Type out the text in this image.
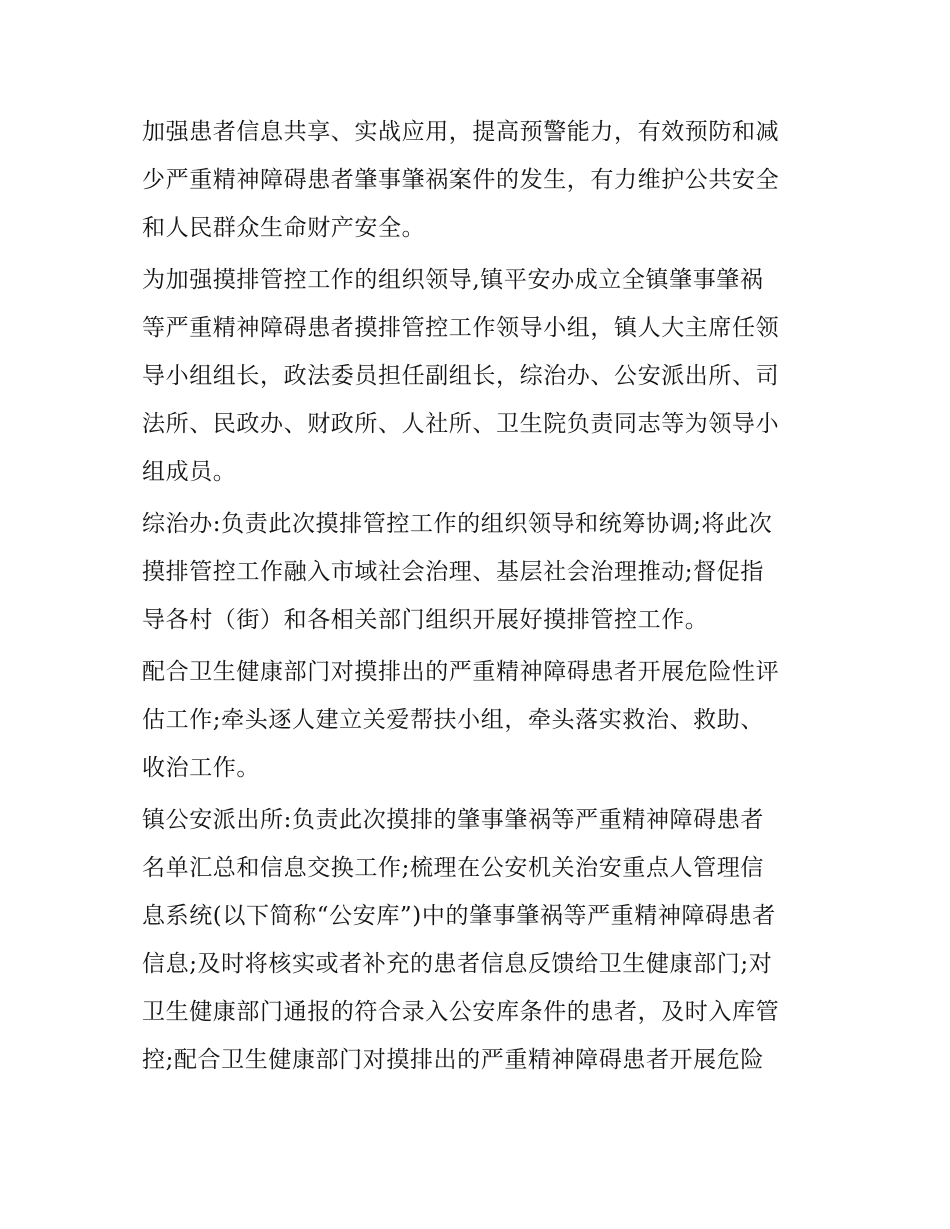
加强患者信息共享、实战应用，提高预警能力，有效预防和减
少严重精神障碍患者肇事肇祸案件的发生，有力维护公共安全
和人民群众生命财产安全。
为加强摸排管控工作的组织领导,镇平安办成立全镇肇事肇祸
等严重精神障碍患者摸排管控工作领导小组，镇人大主席任领
导小组组长，政法委员担任副组长，综治办、公安派出所、司
法所、民政办、财政所、人社所、卫生院负责同志等为领导小
组成员。
综治办:负责此次摸排管控工作的组织领导和统筹协调;将此次
摸排管控工作融入市域社会治理、基层社会治理推动;督促指
导各村（街）和各相关部门组织开展好摸排管控工作。
配合卫生健康部门对摸排出的严重精神障碍患者开展危险性评
估工作;牵头逐人建立关爱帮扶小组，牵头落实救治、救助、
收治工作。
镇公安派出所:负责此次摸排的肇事肇祸等严重精神障碍患者
名单汇总和信息交换工作;梳理在公安机关治安重点人管理信
息系统(以下简称“公安库”)中的肇事肇祸等严重精神障碍患者
信息;及时将核实或者补充的患者信息反馈给卫生健康部门;对
卫生健康部门通报的符合录入公安库条件的患者，及时入库管
控;配合卫生健康部门对摸排出的严重精神障碍患者开展危险
